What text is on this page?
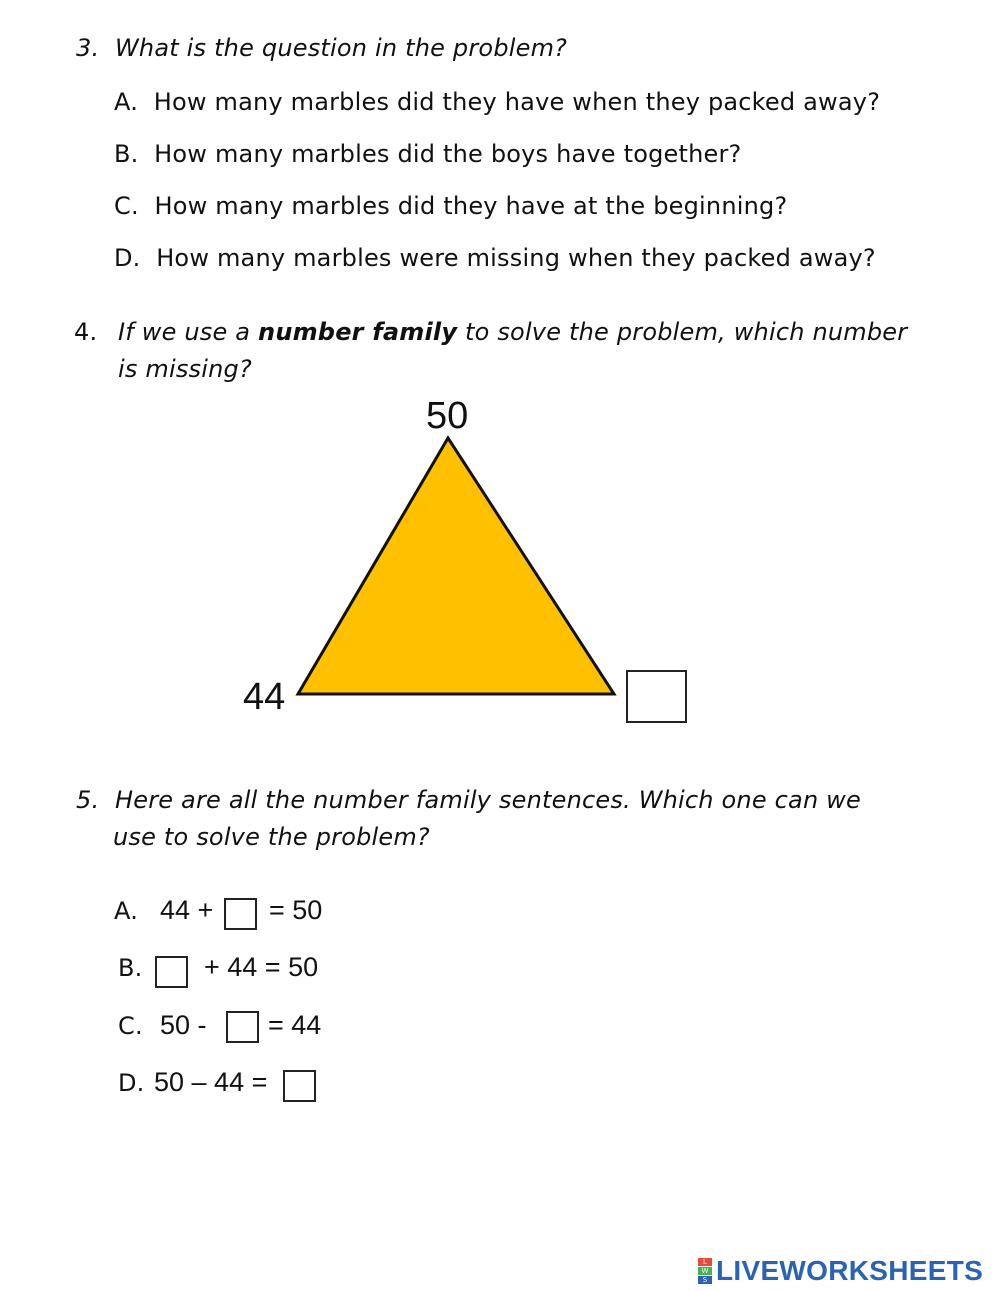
3. What is the question in the problem?
A. How many marbles did they have when they packed away?
B. How many marbles did the boys have together?
C. How many marbles did they have at the beginning?
D. How many marbles were missing when they packed away?
4. If we use a number family to solve the problem, which number
is missing?
50
44
5. Here are all the number family sentences. Which one can we
use to solve the problem?
A. 44 + = 50
B. + 44 = 50
C. 50 - = 44
D. 50 – 44 =
L
W
S LIVEWORKSHEETS
